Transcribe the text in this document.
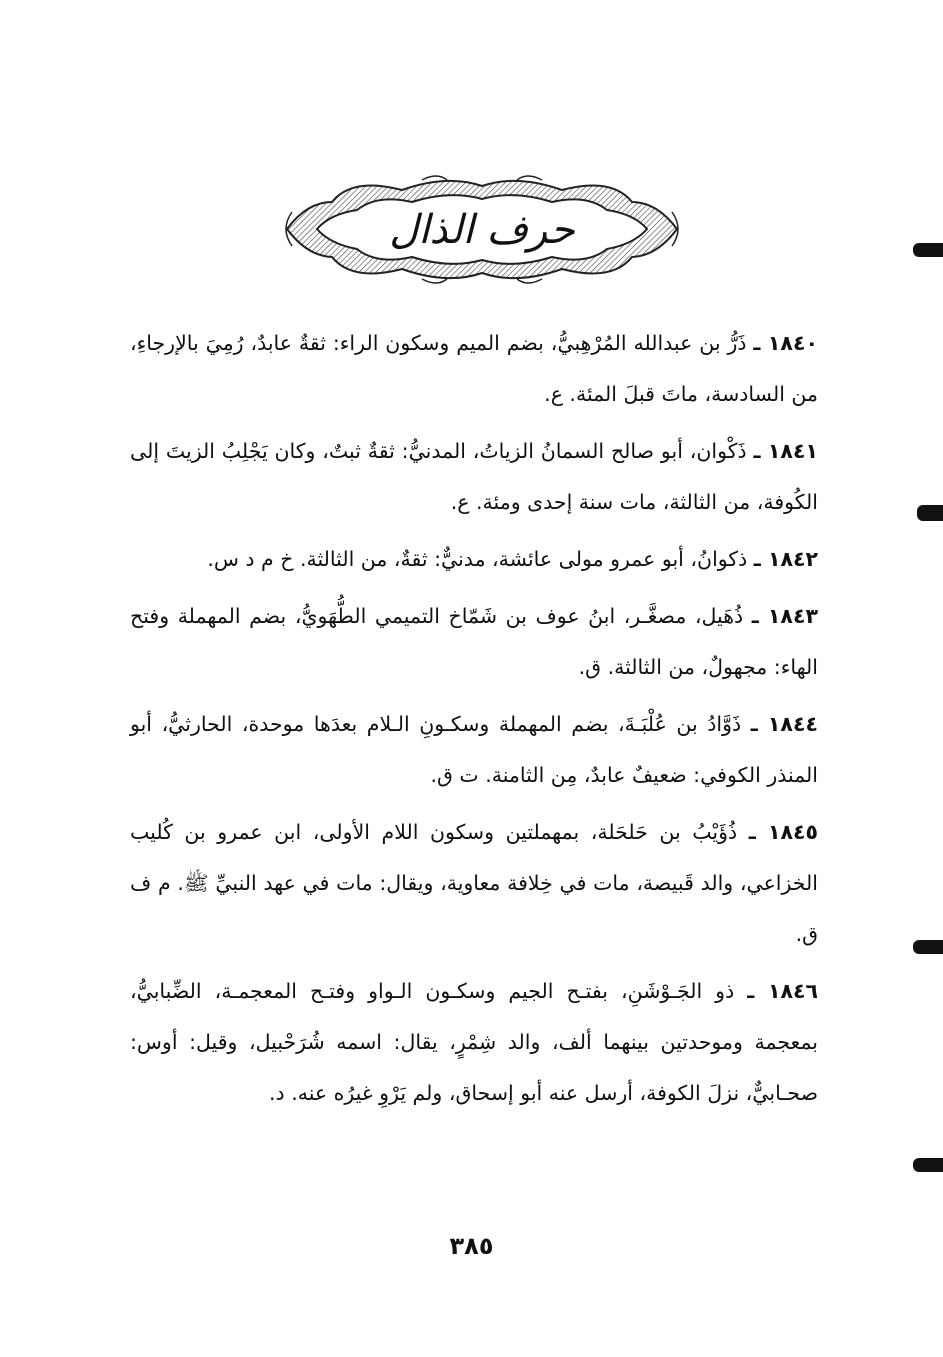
حرف الذال

١٨٤٠ ـ ذَرُّ بن عبدالله المُرْهِبيُّ، بضم الميم وسكون الراء: ثقةٌ عابدٌ، رُمِيَ بالإرجاءِ، من السادسة، ماتَ قبلَ المئة. ع.

١٨٤١ ـ ذَكْوان، أبو صالح السمانُ الزياتُ، المدنيُّ: ثقةٌ ثبتٌ، وكان يَجْلِبُ الزيتَ إلى الكُوفة، من الثالثة، مات سنة إحدى ومئة. ع.

١٨٤٢ ـ ذكوانُ، أبو عمرو مولى عائشة، مدنيٌّ: ثقةٌ، من الثالثة. خ م د س.

١٨٤٣ ـ ذُهَيل، مصغَّـر، ابنُ عوف بن شَمّاخ التميمي الطُّهَويُّ، بضم المهملة وفتح الهاء: مجهولٌ، من الثالثة. ق.

١٨٤٤ ـ ذَوَّادُ بن عُلْبَـةَ، بضم المهملة وسكـونِ الـلام بعدَها موحدة، الحارثيُّ، أبو المنذر الكوفي: ضعيفٌ عابدٌ، مِن الثامنة. ت ق.

١٨٤٥ ـ ذُؤَيْبُ بن حَلحَلة، بمهملتين وسكون اللام الأولى، ابن عمرو بن كُليب الخزاعي، والد قَبيصة، مات في خِلافة معاوية، ويقال: مات في عهد النبيِّ ﷺ. م ف ق.

١٨٤٦ ـ ذو الجَـوْشَنِ، بفتـح الجيم وسكـون الـواو وفتـح المعجمـة، الضِّبابيُّ، بمعجمة وموحدتين بينهما ألف، والد شِمْرٍ، يقال: اسمه شُرَحْبيل، وقيل: أوس: صحـابيٌّ، نزلَ الكوفة، أرسل عنه أبو إسحاق، ولم يَرْوِ غيرُه عنه. د.

٣٨٥
